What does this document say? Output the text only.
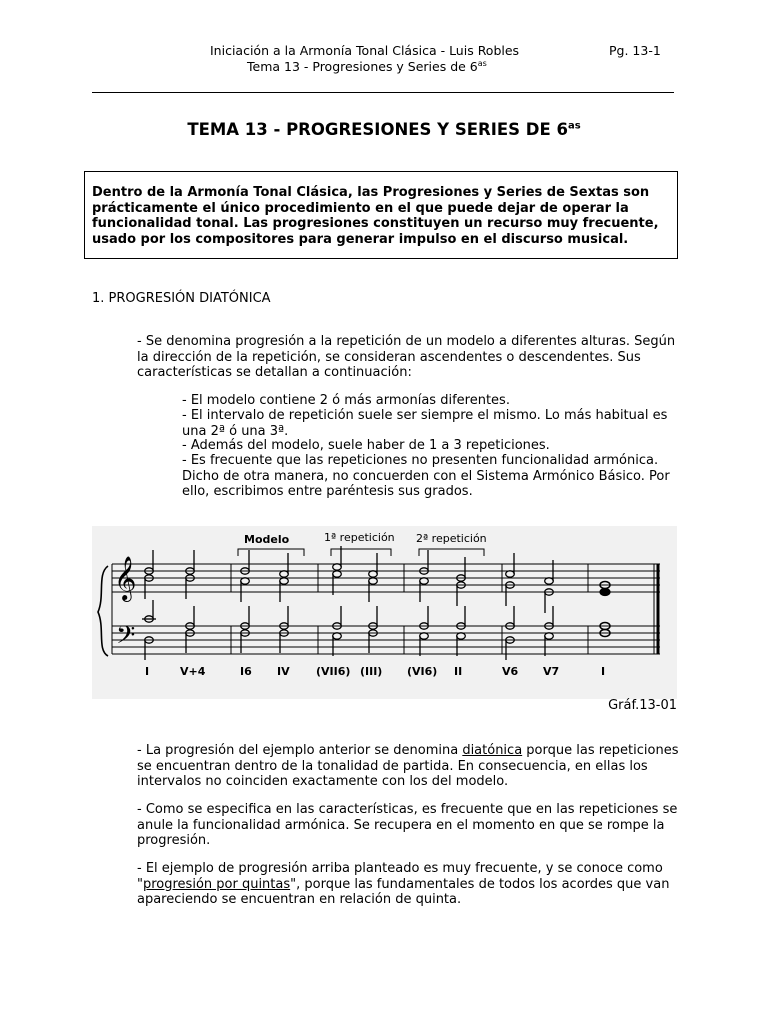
Iniciación a la Armonía Tonal Clásica - Luis Robles	Pg. 13-1
Tema 13 - Progresiones y Series de $6^{as}$
TEMA 13 - PROGRESIONES Y SERIES DE $6^{as}$
Dentro de la Armonía Tonal Clásica, las Progresiones y Series de Sextas son prácticamente el único procedimiento en el que puede dejar de operar la funcionalidad tonal. Las progresiones constituyen un recurso muy frecuente, usado por los compositores para generar impulso en el discurso musical.
1. PROGRESIÓN DIATÓNICA
- Se denomina progresión a la repetición de un modelo a diferentes alturas. Según la dirección de la repetición, se consideran ascendentes o descendentes. Sus características se detallan a continuación:
- El modelo contiene 2 ó más armonías diferentes.
- El intervalo de repetición suele ser siempre el mismo. Lo más habitual es una 2ª ó una 3ª.
- Además del modelo, suele haber de 1 a 3 repeticiones.
- Es frecuente que las repeticiones no presenten funcionalidad armónica. Dicho de otra manera, no concuerden con el Sistema Armónico Básico. Por ello, escribimos entre paréntesis sus grados.
𝄞
𝄢
Modelo	1ª repetición 2ª repetición
I	V+4	I6 IV (VII6) (III) (VI6) II	V6 V7	I
Gráf.13-01
- La progresión del ejemplo anterior se denomina diatónica porque las repeticiones se encuentran dentro de la tonalidad de partida. En consecuencia, en ellas los intervalos no coinciden exactamente con los del modelo.
- Como se especifica en las características, es frecuente que en las repeticiones se anule la funcionalidad armónica. Se recupera en el momento en que se rompe la progresión.
- El ejemplo de progresión arriba planteado es muy frecuente, y se conoce como "progresión por quintas", porque las fundamentales de todos los acordes que van apareciendo se encuentran en relación de quinta.
